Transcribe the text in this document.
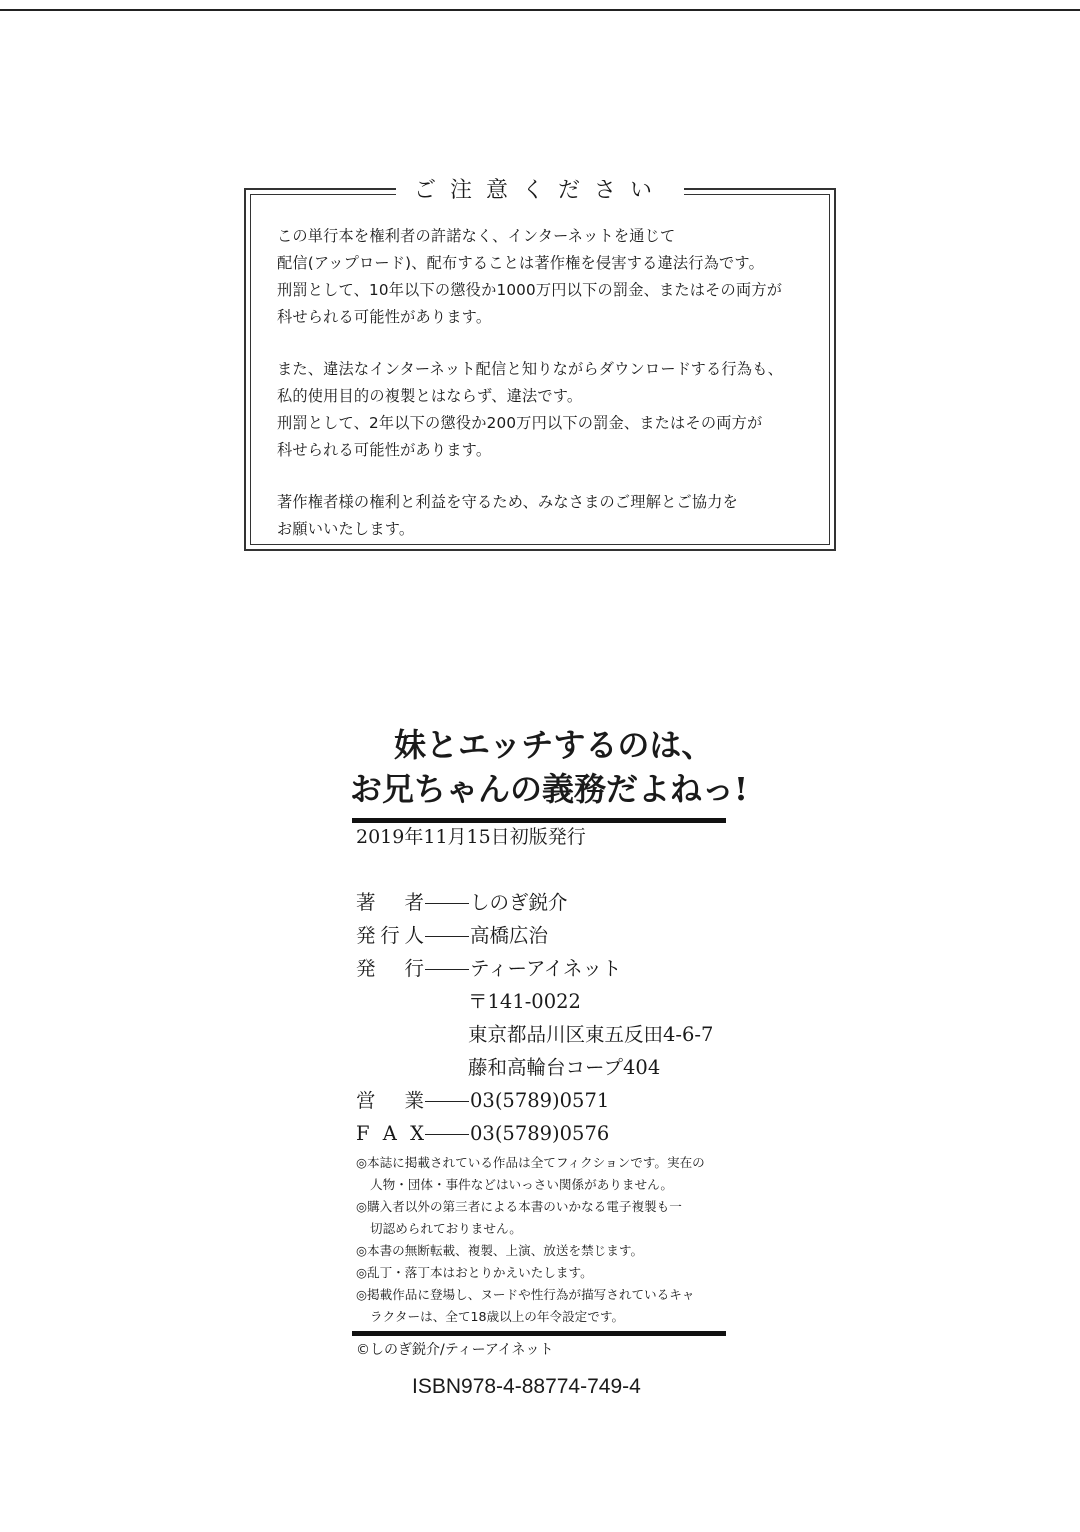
ご注意ください

この単行本を権利者の許諾なく、インターネットを通じて
配信(アップロード)、配布することは著作権を侵害する違法行為です。
刑罰として、10年以下の懲役か1000万円以下の罰金、またはその両方が
科せられる可能性があります。

また、違法なインターネット配信と知りながらダウンロードする行為も、
私的使用目的の複製とはならず、違法です。
刑罰として、2年以下の懲役か200万円以下の罰金、またはその両方が
科せられる可能性があります。

著作権者様の権利と利益を守るため、みなさまのご理解とご協力を
お願いいたします。

妹とエッチするのは、
お兄ちゃんの義務だよねっ!
2019年11月15日初版発行
著 者 しのぎ鋭介
発 行 人 高橋広治
発 行 ティーアイネット
〒141-0022
東京都品川区東五反田4-6-7
藤和高輪台コープ404
営 業 03(5789)0571
F A X 03(5789)0576
◎本誌に掲載されている作品は全てフィクションです。実在の
人物・団体・事件などはいっさい関係がありません。
◎購入者以外の第三者による本書のいかなる電子複製も一
切認められておりません。
◎本書の無断転載、複製、上演、放送を禁じます。
◎乱丁・落丁本はおとりかえいたします。
◎掲載作品に登場し、ヌードや性行為が描写されているキャ
ラクターは、全て18歳以上の年令設定です。
©しのぎ鋭介/ティーアイネット
ISBN978-4-88774-749-4
